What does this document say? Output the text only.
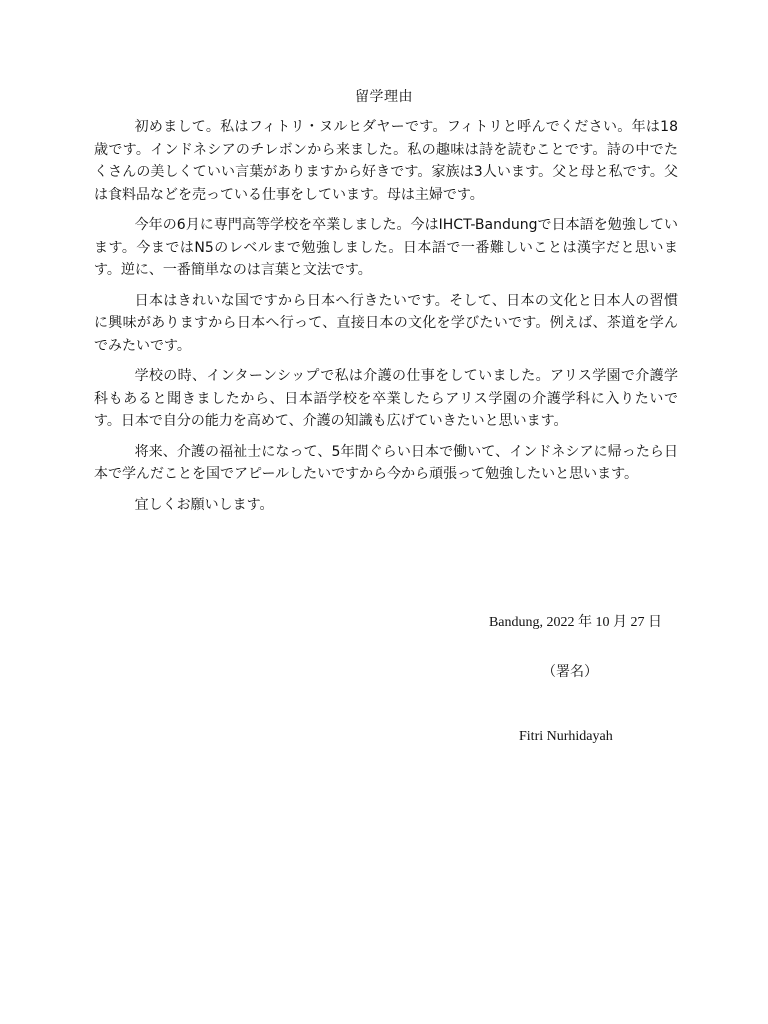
留学理由

初めまして。私はフィトリ・ヌルヒダヤーです。フィトリと呼んでください。年は18歳です。インドネシアのチレボンから来ました。私の趣味は詩を読むことです。詩の中でたくさんの美しくていい言葉がありますから好きです。家族は3人います。父と母と私です。父は食料品などを売っている仕事をしています。母は主婦です。

今年の6月に専門高等学校を卒業しました。今はIHCT-Bandungで日本語を勉強しています。今まではN5のレベルまで勉強しました。日本語で一番難しいことは漢字だと思います。逆に、一番簡単なのは言葉と文法です。

日本はきれいな国ですから日本へ行きたいです。そして、日本の文化と日本人の習慣に興味がありますから日本へ行って、直接日本の文化を学びたいです。例えば、茶道を学んでみたいです。

学校の時、インターンシップで私は介護の仕事をしていました。アリス学園で介護学科もあると聞きましたから、日本語学校を卒業したらアリス学園の介護学科に入りたいです。日本で自分の能力を高めて、介護の知識も広げていきたいと思います。

将来、介護の福祉士になって、5年間ぐらい日本で働いて、インドネシアに帰ったら日本で学んだことを国でアピールしたいですから今から頑張って勉強したいと思います。

宜しくお願いします。

Bandung, 2022 年 10 月 27 日
（署名）
Fitri Nurhidayah
